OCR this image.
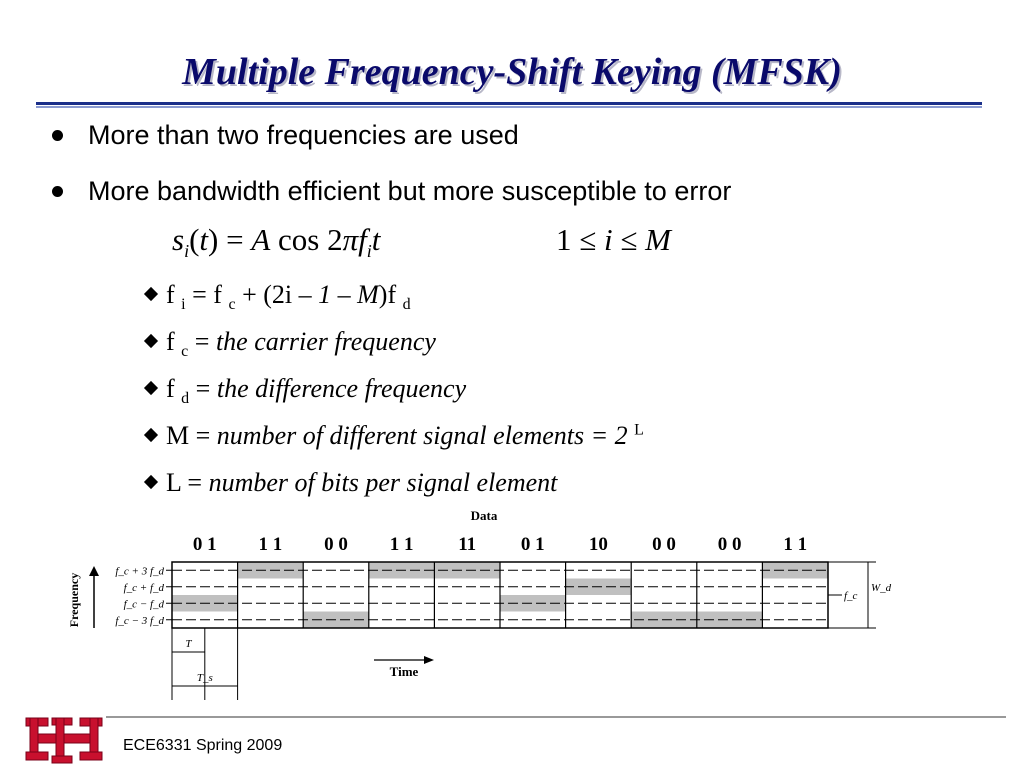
Multiple Frequency-Shift Keying (MFSK)
More than two frequencies are used
More bandwidth efficient but more susceptible to error
$s_i(t) = A$ $\cos 2\pi f_it$	1 ≤ i ≤ M
f $_i$ = f $_c$ + (2i – 1 – M)f $_d$
f $_c$ = the carrier frequency
f $_d$ = the difference frequency
M = number of different signal elements = 2 $^L$
L = number of bits per signal element
Data
0 1 1 1 0 0 1 1 11 0 1 10 0 0 0 0 1 1
f_c + 3 f_d
f_c + f_d
f_c − f_d
f_c − 3 f_d
Frequency
T
T_s	Time
f_c
W_d
ECE6331 Spring 2009
